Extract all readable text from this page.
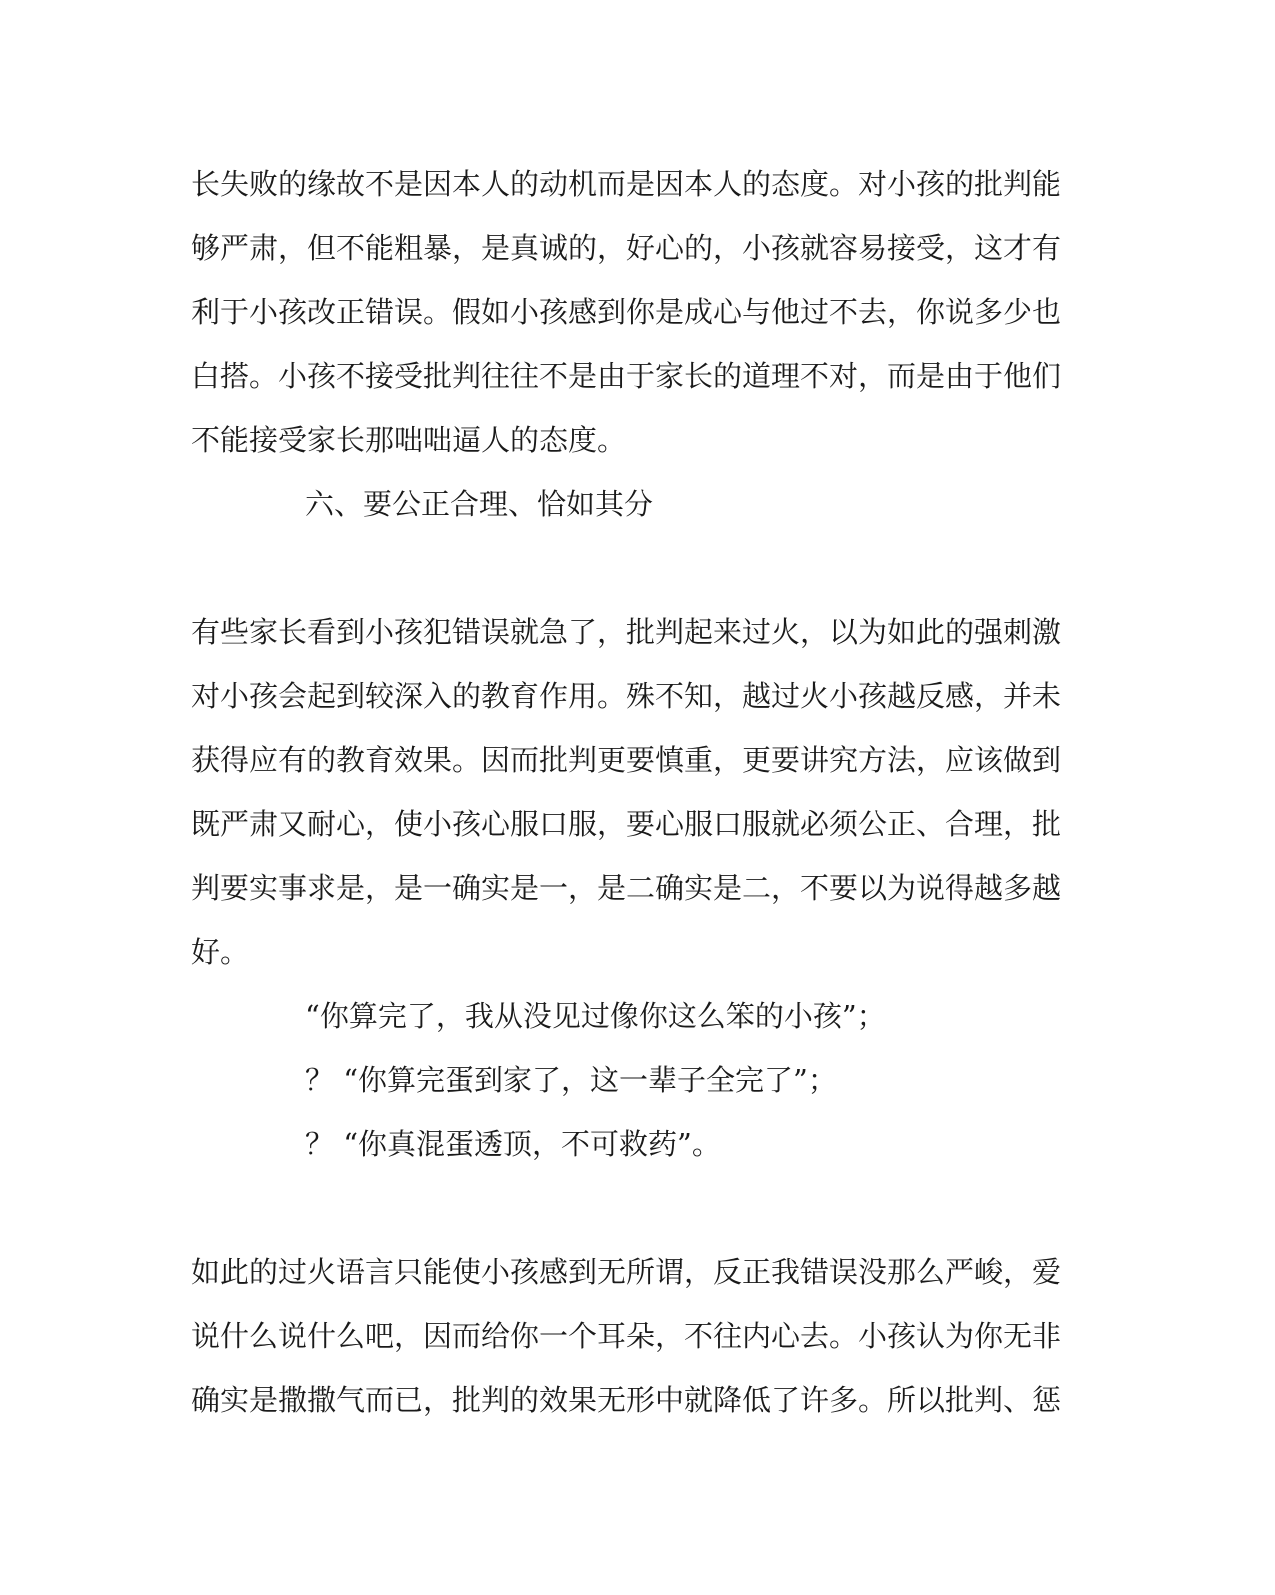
长失败的缘故不是因本人的动机而是因本人的态度。对小孩的批判能
够严肃，但不能粗暴，是真诚的，好心的，小孩就容易接受，这才有
利于小孩改正错误。假如小孩感到你是成心与他过不去，你说多少也
白搭。小孩不接受批判往往不是由于家长的道理不对，而是由于他们
不能接受家长那咄咄逼人的态度。
六、要公正合理、恰如其分
有些家长看到小孩犯错误就急了，批判起来过火，以为如此的强刺激
对小孩会起到较深入的教育作用。殊不知，越过火小孩越反感，并未
获得应有的教育效果。因而批判更要慎重，更要讲究方法，应该做到
既严肃又耐心，使小孩心服口服，要心服口服就必须公正、合理，批
判要实事求是，是一确实是一，是二确实是二，不要以为说得越多越
好。
“你算完了，我从没见过像你这么笨的小孩”；
？ “你算完蛋到家了，这一辈子全完了”；
？ “你真混蛋透顶，不可救药”。
如此的过火语言只能使小孩感到无所谓，反正我错误没那么严峻，爱
说什么说什么吧，因而给你一个耳朵，不往内心去。小孩认为你无非
确实是撒撒气而已，批判的效果无形中就降低了许多。所以批判、惩
